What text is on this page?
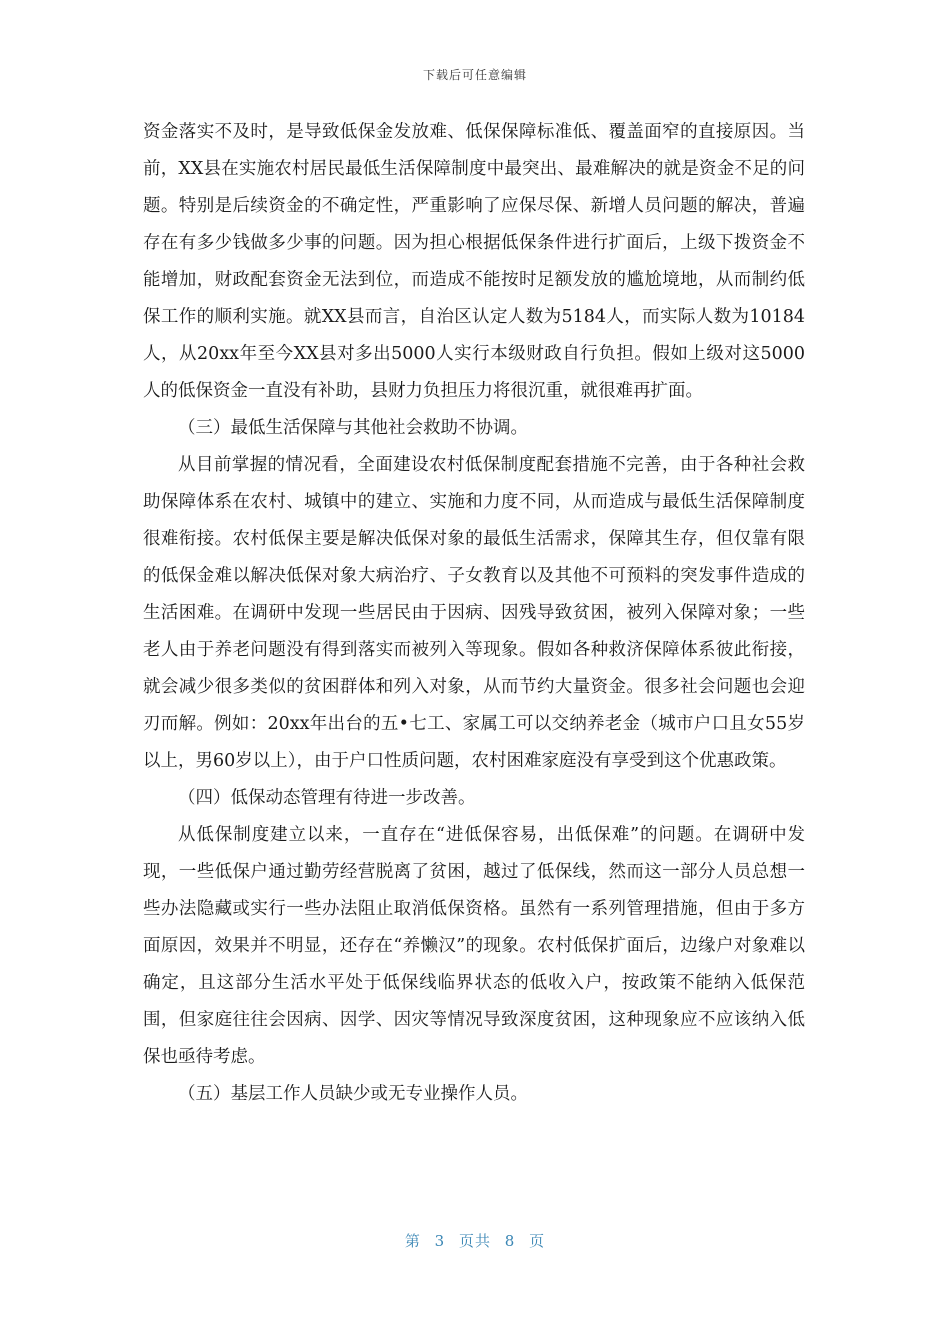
下载后可任意编辑

资金落实不及时，是导致低保金发放难、低保保障标准低、覆盖面窄的直接原因。当前，XX县在实施农村居民最低生活保障制度中最突出、最难解决的就是资金不足的问题。特别是后续资金的不确定性，严重影响了应保尽保、新增人员问题的解决，普遍存在有多少钱做多少事的问题。因为担心根据低保条件进行扩面后，上级下拨资金不能增加，财政配套资金无法到位，而造成不能按时足额发放的尴尬境地，从而制约低保工作的顺利实施。就XX县而言，自治区认定人数为5184人，而实际人数为10184人，从20xx年至今XX县对多出5000人实行本级财政自行负担。假如上级对这5000人的低保资金一直没有补助，县财力负担压力将很沉重，就很难再扩面。

（三）最低生活保障与其他社会救助不协调。

从目前掌握的情况看，全面建设农村低保制度配套措施不完善，由于各种社会救助保障体系在农村、城镇中的建立、实施和力度不同，从而造成与最低生活保障制度很难衔接。农村低保主要是解决低保对象的最低生活需求，保障其生存，但仅靠有限的低保金难以解决低保对象大病治疗、子女教育以及其他不可预料的突发事件造成的生活困难。在调研中发现一些居民由于因病、因残导致贫困，被列入保障对象；一些老人由于养老问题没有得到落实而被列入等现象。假如各种救济保障体系彼此衔接，就会减少很多类似的贫困群体和列入对象，从而节约大量资金。很多社会问题也会迎刃而解。例如：20xx年出台的五•七工、家属工可以交纳养老金（城市户口且女55岁以上，男60岁以上），由于户口性质问题，农村困难家庭没有享受到这个优惠政策。

（四）低保动态管理有待进一步改善。

从低保制度建立以来，一直存在“进低保容易，出低保难”的问题。在调研中发现，一些低保户通过勤劳经营脱离了贫困，越过了低保线，然而这一部分人员总想一些办法隐藏或实行一些办法阻止取消低保资格。虽然有一系列管理措施，但由于多方面原因，效果并不明显，还存在“养懒汉”的现象。农村低保扩面后，边缘户对象难以确定，且这部分生活水平处于低保线临界状态的低收入户，按政策不能纳入低保范围，但家庭往往会因病、因学、因灾等情况导致深度贫困，这种现象应不应该纳入低保也亟待考虑。

（五）基层工作人员缺少或无专业操作人员。

第 3 页共 8 页
